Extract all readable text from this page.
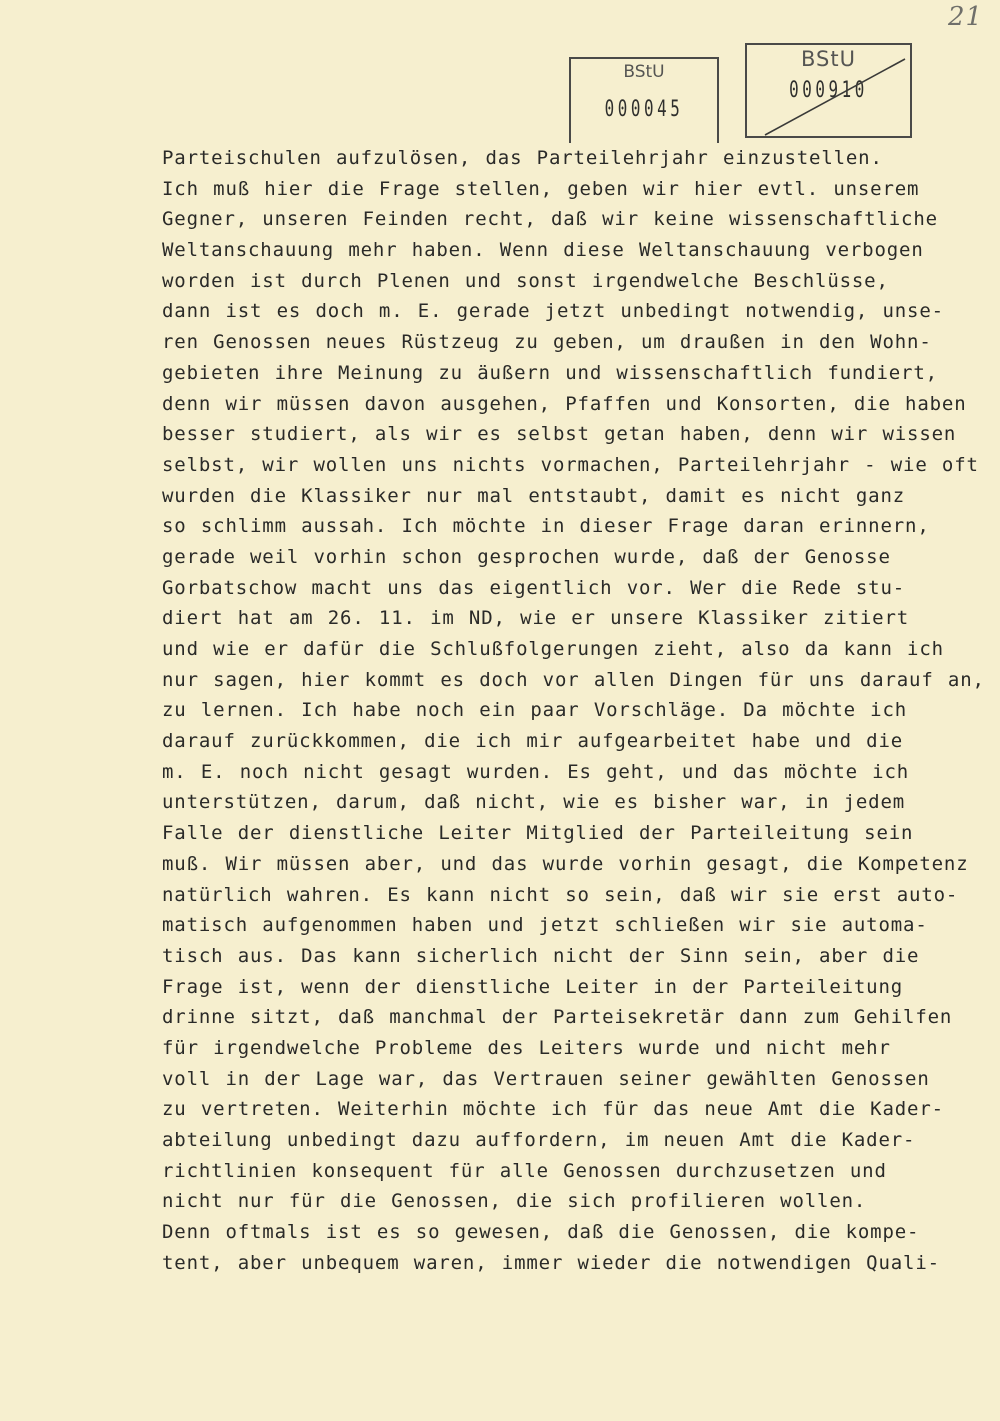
21
BStU
000045
BStU
000910
Parteischulen aufzulösen, das Parteilehrjahr einzustellen.
Ich muß hier die Frage stellen, geben wir hier evtl. unserem
Gegner, unseren Feinden recht, daß wir keine wissenschaftliche
Weltanschauung mehr haben. Wenn diese Weltanschauung verbogen
worden ist durch Plenen und sonst irgendwelche Beschlüsse,
dann ist es doch m. E. gerade jetzt unbedingt notwendig, unse-
ren Genossen neues Rüstzeug zu geben, um draußen in den Wohn-
gebieten ihre Meinung zu äußern und wissenschaftlich fundiert,
denn wir müssen davon ausgehen, Pfaffen und Konsorten, die haben
besser studiert, als wir es selbst getan haben, denn wir wissen
selbst, wir wollen uns nichts vormachen, Parteilehrjahr - wie oft
wurden die Klassiker nur mal entstaubt, damit es nicht ganz
so schlimm aussah. Ich möchte in dieser Frage daran erinnern,
gerade weil vorhin schon gesprochen wurde, daß der Genosse
Gorbatschow macht uns das eigentlich vor. Wer die Rede stu-
diert hat am 26. 11. im ND, wie er unsere Klassiker zitiert
und wie er dafür die Schlußfolgerungen zieht, also da kann ich
nur sagen, hier kommt es doch vor allen Dingen für uns darauf an,
zu lernen. Ich habe noch ein paar Vorschläge. Da möchte ich
darauf zurückkommen, die ich mir aufgearbeitet habe und die
m. E. noch nicht gesagt wurden. Es geht, und das möchte ich
unterstützen, darum, daß nicht, wie es bisher war, in jedem
Falle der dienstliche Leiter Mitglied der Parteileitung sein
muß. Wir müssen aber, und das wurde vorhin gesagt, die Kompetenz
natürlich wahren. Es kann nicht so sein, daß wir sie erst auto-
matisch aufgenommen haben und jetzt schließen wir sie automa-
tisch aus. Das kann sicherlich nicht der Sinn sein, aber die
Frage ist, wenn der dienstliche Leiter in der Parteileitung
drinne sitzt, daß manchmal der Parteisekretär dann zum Gehilfen
für irgendwelche Probleme des Leiters wurde und nicht mehr
voll in der Lage war, das Vertrauen seiner gewählten Genossen
zu vertreten. Weiterhin möchte ich für das neue Amt die Kader-
abteilung unbedingt dazu auffordern, im neuen Amt die Kader-
richtlinien konsequent für alle Genossen durchzusetzen und
nicht nur für die Genossen, die sich profilieren wollen.
Denn oftmals ist es so gewesen, daß die Genossen, die kompe-
tent, aber unbequem waren, immer wieder die notwendigen Quali-
